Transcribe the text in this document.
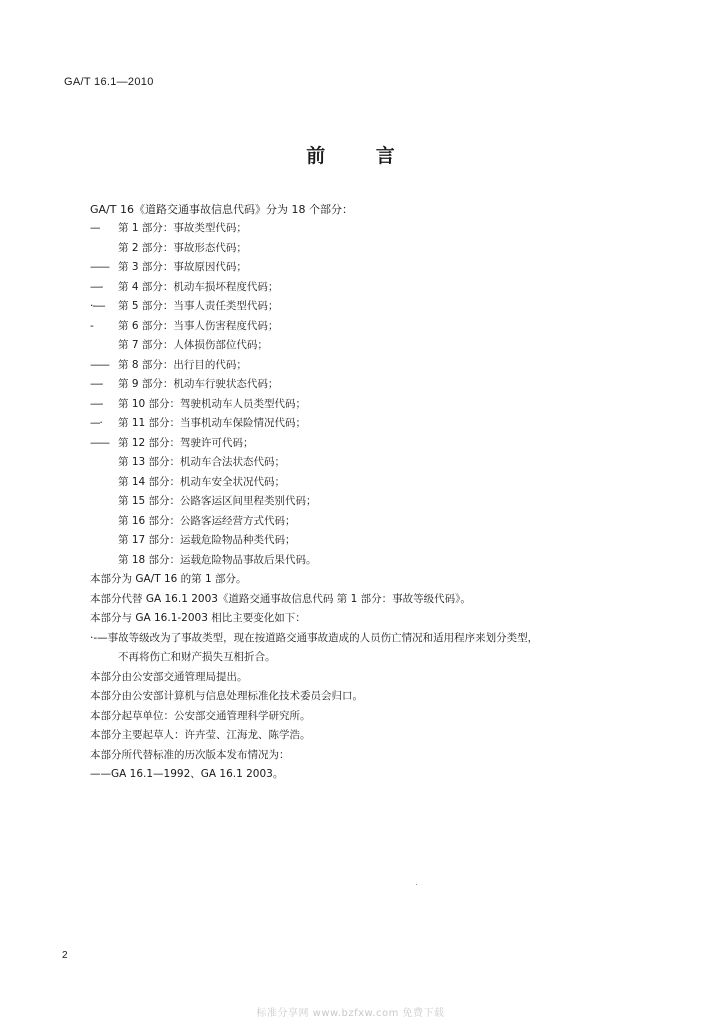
GA/T 16.1—2010
前 言
GA/T 16《道路交通事故信息代码》分为 18 个部分：
— 第 1 部分：事故类型代码；
第 2 部分：事故形态代码；
—— 第 3 部分：事故原因代码；
—- 第 4 部分：机动车损坏程度代码；
·-— 第 5 部分：当事人责任类型代码；
- 第 6 部分：当事人伤害程度代码；
第 7 部分：人体损伤部位代码；
—— 第 8 部分：出行目的代码；
—- 第 9 部分：机动车行驶状态代码；
—- 第 10 部分：驾驶机动车人员类型代码；
—· 第 11 部分：当事机动车保险情况代码；
—— 第 12 部分：驾驶许可代码；
第 13 部分：机动车合法状态代码；
第 14 部分：机动车安全状况代码；
第 15 部分：公路客运区间里程类别代码；
第 16 部分：公路客运经营方式代码；
第 17 部分：运载危险物品种类代码；
第 18 部分：运载危险物品事故后果代码。
本部分为 GA/T 16 的第 1 部分。
本部分代替 GA 16.1 2003《道路交通事故信息代码 第 1 部分：事故等级代码》。
本部分与 GA 16.1-2003 相比主要变化如下：
·-—事故等级改为了事故类型，现在按道路交通事故造成的人员伤亡情况和适用程序来划分类型，
不再将伤亡和财产损失互相折合。
本部分由公安部交通管理局提出。
本部分由公安部计算机与信息处理标准化技术委员会归口。
本部分起草单位：公安部交通管理科学研究所。
本部分主要起草人：许卉莹、江海龙、陈学浩。
本部分所代替标准的历次版本发布情况为：
——GA 16.1—1992、GA 16.1 2003。
2
标准分享网 www.bzfxw.com 免费下载
